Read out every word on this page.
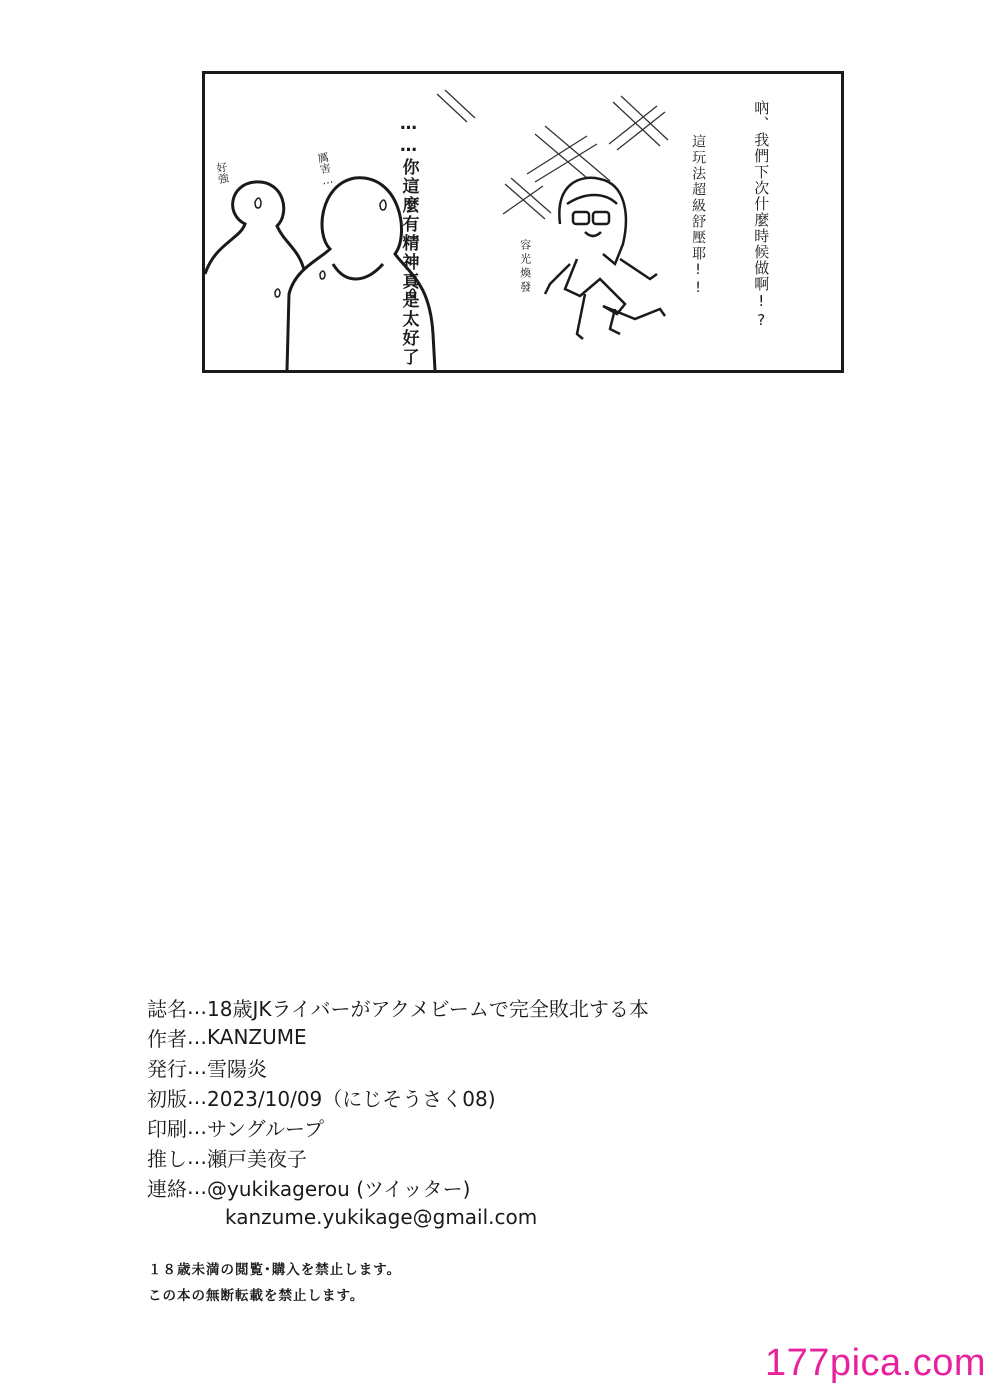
吶、我們下次什麼時候做啊!?
這玩法超級舒壓耶!!
……你這麼有精神真是太好了	容光煥發
厲害…
好強
誌名 … 18歳JKライバーがアクメビームで完全敗北する本
作者 … KANZUME
発行 … 雪陽炎
初版 … 2023/10/09（にじそうさく08)
印刷 … サングループ
推し … 瀬戸美夜子
連絡 … @yukikagerou (ツイッター)
kanzume.yukikage@gmail.com
１８歳未満の閲覧･購入を禁止します。
この本の無断転載を禁止します。
177pica.com
